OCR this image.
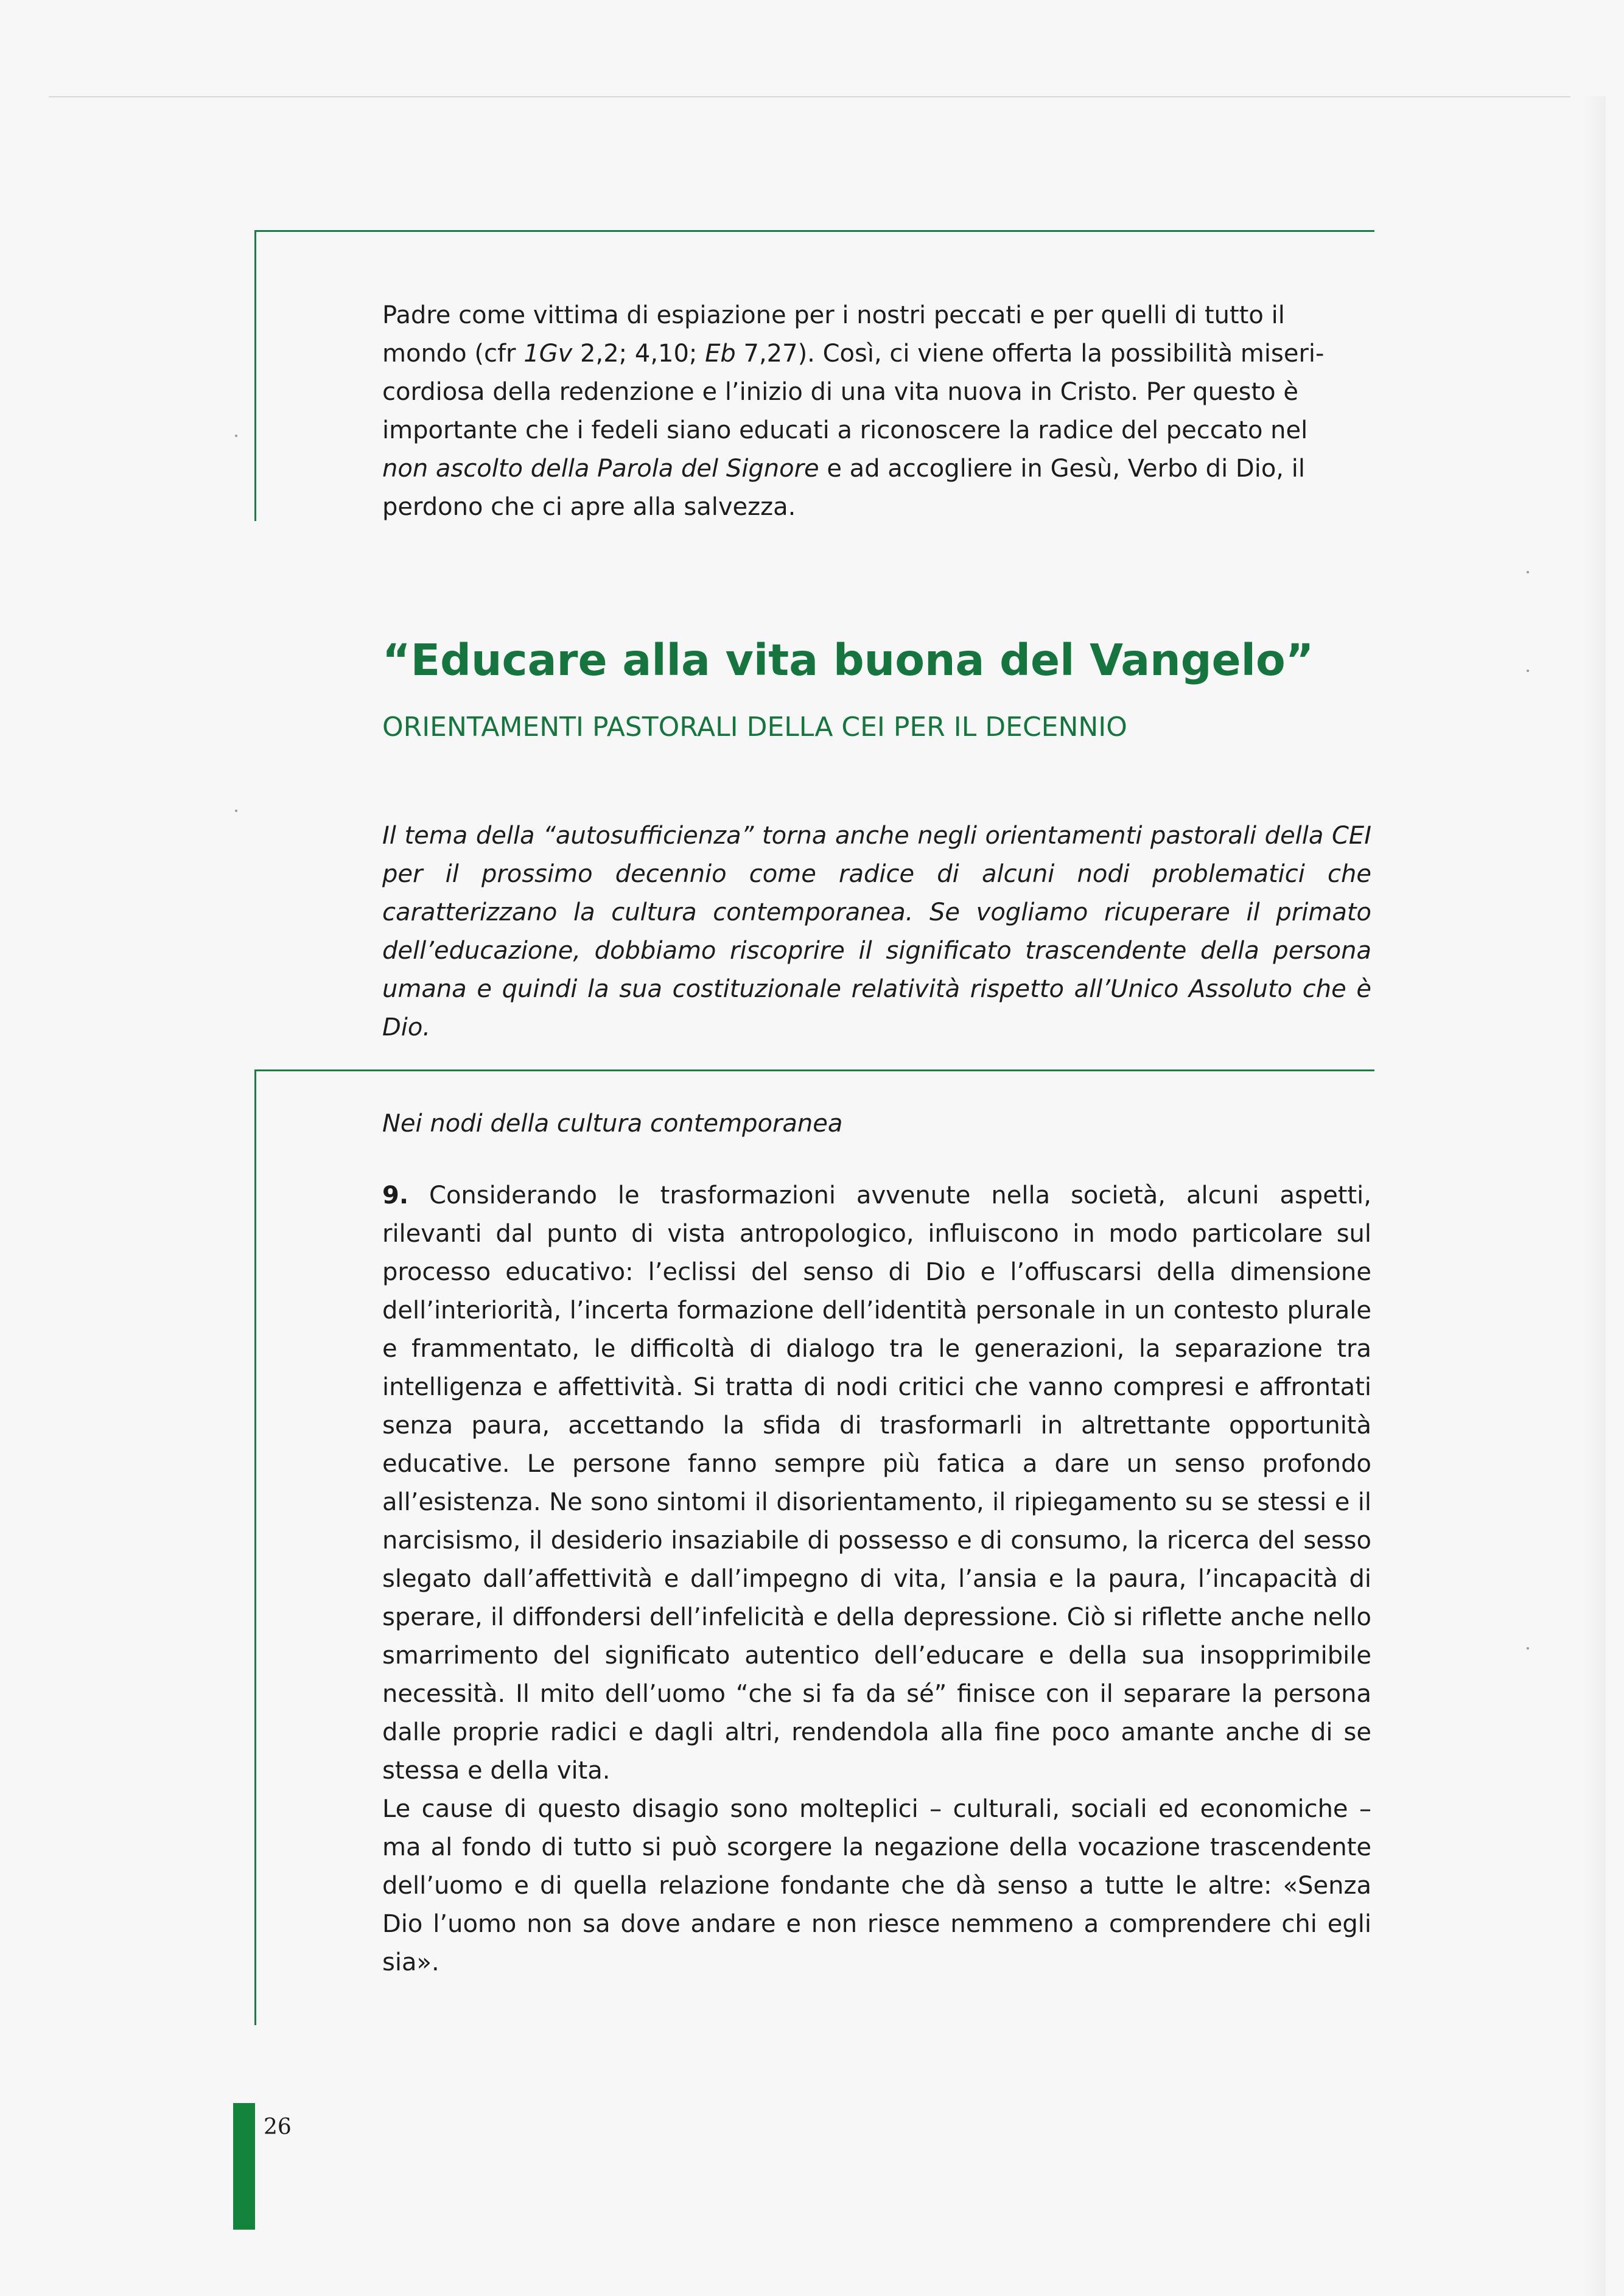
Padre come vittima di espiazione per i nostri peccati e per quelli di tutto il
mondo (cfr 1Gv 2,2; 4,10; Eb 7,27). Così, ci viene offerta la possibilità miseri-
cordiosa della redenzione e l’inizio di una vita nuova in Cristo. Per questo è
importante che i fedeli siano educati a riconoscere la radice del peccato nel
non ascolto della Parola del Signore e ad accogliere in Gesù, Verbo di Dio, il
perdono che ci apre alla salvezza.

“Educare alla vita buona del Vangelo”
ORIENTAMENTI PASTORALI DELLA CEI PER IL DECENNIO

Il tema della “autosufficienza” torna anche negli orientamenti pastorali della CEI per il prossimo decennio come radice di alcuni nodi problematici che caratterizzano la cultura contemporanea. Se vogliamo ricuperare il primato dell’educazione, dobbiamo riscoprire il significato trascendente della persona umana e quindi la sua costituzionale relatività rispetto all’Unico Assoluto che è Dio.

Nei nodi della cultura contemporanea
9. Considerando le trasformazioni avvenute nella società, alcuni aspetti, rilevanti dal punto di vista antropologico, influiscono in modo particolare sul processo educativo: l’eclissi del senso di Dio e l’offuscarsi della dimensione dell’interiorità, l’incerta formazione dell’identità personale in un contesto plurale e frammentato, le difficoltà di dialogo tra le generazioni, la separazione tra intelligenza e affettività. Si tratta di nodi critici che vanno compresi e affrontati senza paura, accettando la sfida di trasformarli in altrettante opportunità educative. Le persone fanno sempre più fatica a dare un senso profondo all’esistenza. Ne sono sintomi il disorientamento, il ripiegamento su se stessi e il narcisismo, il desiderio insaziabile di possesso e di consumo, la ricerca del sesso slegato dall’affettività e dall’impegno di vita, l’ansia e la paura, l’incapacità di sperare, il diffondersi dell’infelicità e della depressione. Ciò si riflette anche nello smarrimento del significato autentico dell’educare e della sua insopprimibile necessità. Il mito dell’uomo “che si fa da sé” finisce con il separare la persona dalle proprie radici e dagli altri, rendendola alla fine poco amante anche di se stessa e della vita.
Le cause di questo disagio sono molteplici – culturali, sociali ed economiche – ma al fondo di tutto si può scorgere la negazione della vocazione trascendente dell’uomo e di quella relazione fondante che dà senso a tutte le altre: «Senza Dio l’uomo non sa dove andare e non riesce nemmeno a comprendere chi egli sia».
26
